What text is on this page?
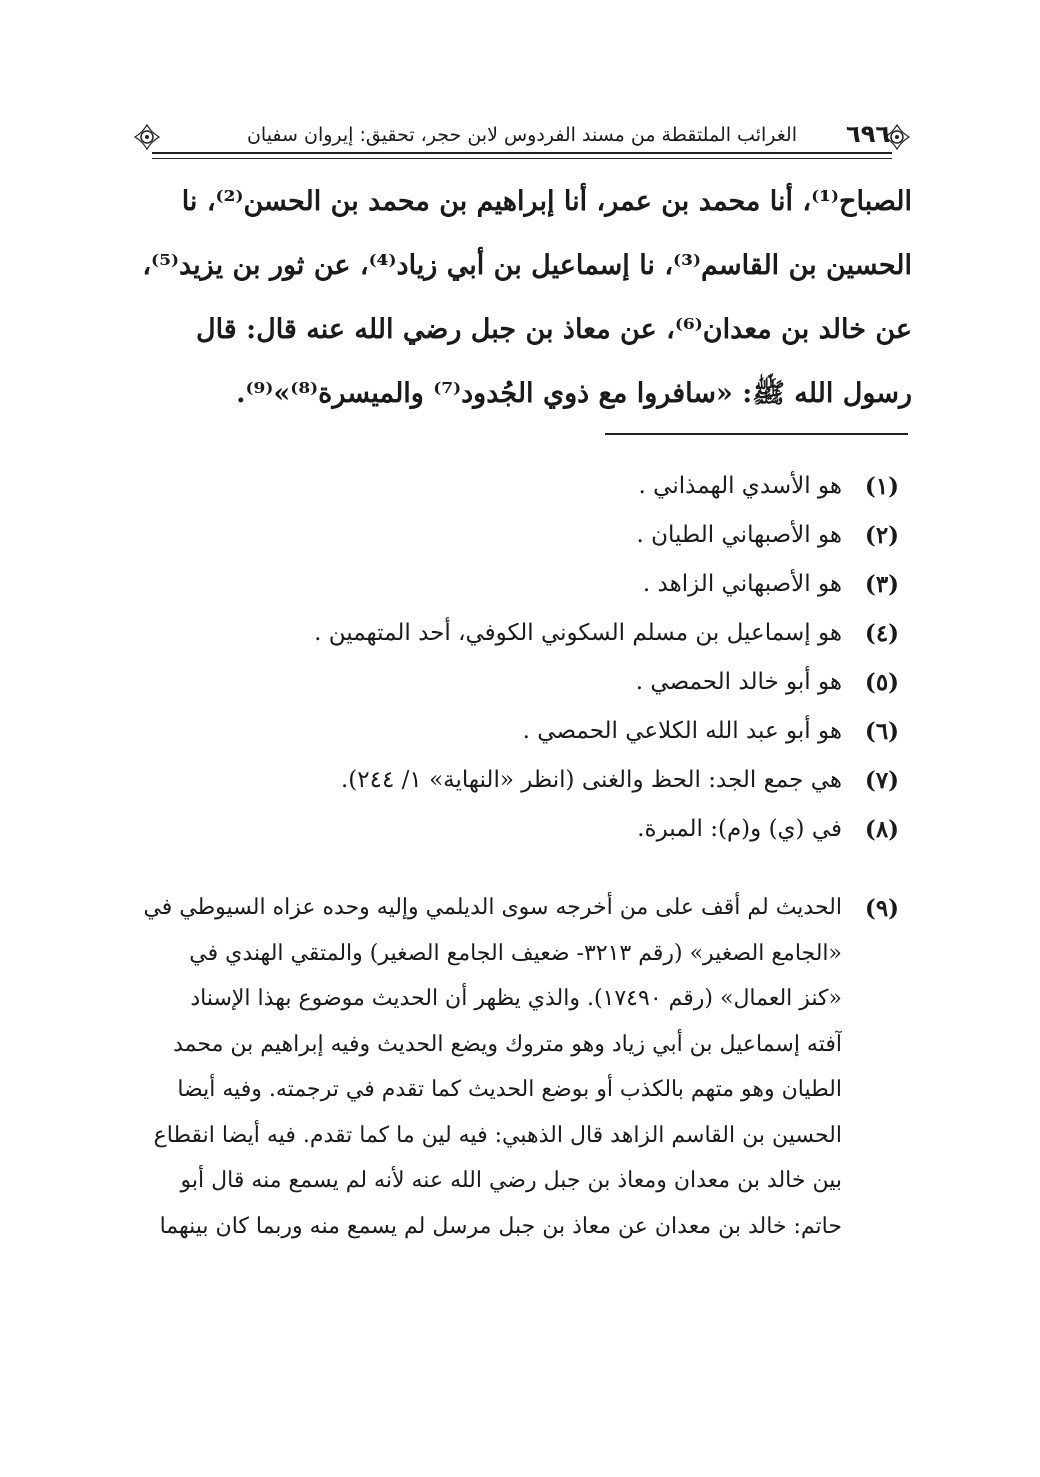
٦٩٦
الغرائب الملتقطة من مسند الفردوس لابن حجر، تحقيق: إيروان سفيان
الصباح⁽¹⁾، أنا محمد بن عمر، أنا إبراهيم بن محمد بن الحسن⁽²⁾، نا
الحسين بن القاسم⁽³⁾، نا إسماعيل بن أبي زياد⁽⁴⁾، عن ثور بن يزيد⁽⁵⁾،
عن خالد بن معدان⁽⁶⁾، عن معاذ بن جبل رضي الله عنه قال: قال
رسول الله ﷺ: «سافروا مع ذوي الجُدود⁽⁷⁾ والميسرة⁽⁸⁾»⁽⁹⁾.
(١)
هو الأسدي الهمذاني .
(٢)
هو الأصبهاني الطيان .
(٣)
هو الأصبهاني الزاهد .
(٤)
هو إسماعيل بن مسلم السكوني الكوفي، أحد المتهمين .
(٥)
هو أبو خالد الحمصي .
(٦)
هو أبو عبد الله الكلاعي الحمصي .
(٧)
هي جمع الجد: الحظ والغنى (انظر «النهاية» ١/ ٢٤٤).
(٨)
في (ي) و(م): المبرة.
(٩)
الحديث لم أقف على من أخرجه سوى الديلمي وإليه وحده عزاه السيوطي في
«الجامع الصغير» (رقم ٣٢١٣- ضعيف الجامع الصغير) والمتقي الهندي في
«كنز العمال» (رقم ١٧٤٩٠). والذي يظهر أن الحديث موضوع بهذا الإسناد
آفته إسماعيل بن أبي زياد وهو متروك ويضع الحديث وفيه إبراهيم بن محمد
الطيان وهو متهم بالكذب أو بوضع الحديث كما تقدم في ترجمته. وفيه أيضا
الحسين بن القاسم الزاهد قال الذهبي: فيه لين ما كما تقدم. فيه أيضا انقطاع
بين خالد بن معدان ومعاذ بن جبل رضي الله عنه لأنه لم يسمع منه قال أبو
حاتم: خالد بن معدان عن معاذ بن جبل مرسل لم يسمع منه وربما كان بينهما
